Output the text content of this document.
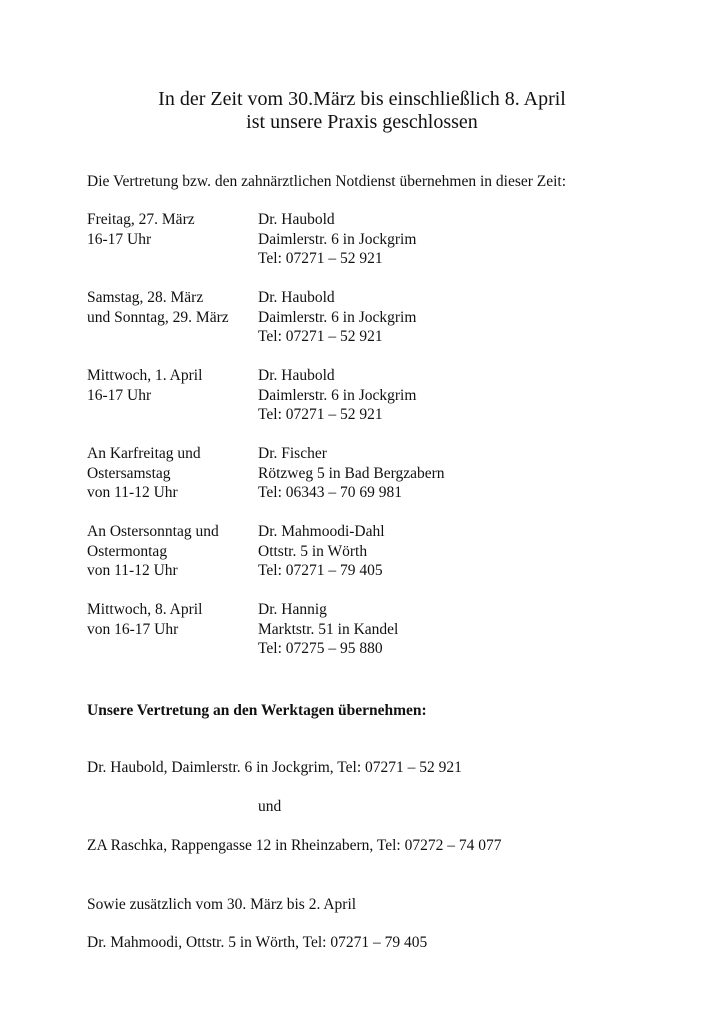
In der Zeit vom 30.März bis einschließlich 8. April
ist unsere Praxis geschlossen
Die Vertretung bzw. den zahnärztlichen Notdienst übernehmen in dieser Zeit:
Freitag, 27. März
16-17 Uhr
Dr. Haubold
Daimlerstr. 6 in Jockgrim
Tel: 07271 – 52 921
Samstag, 28. März
und Sonntag, 29. März
Dr. Haubold
Daimlerstr. 6 in Jockgrim
Tel: 07271 – 52 921
Mittwoch, 1. April
16-17 Uhr
Dr. Haubold
Daimlerstr. 6 in Jockgrim
Tel: 07271 – 52 921
An Karfreitag und
Ostersamstag
von 11-12 Uhr
Dr. Fischer
Rötzweg 5 in Bad Bergzabern
Tel: 06343 – 70 69 981
An Ostersonntag und
Ostermontag
von 11-12 Uhr
Dr. Mahmoodi-Dahl
Ottstr. 5 in Wörth
Tel: 07271 – 79 405
Mittwoch, 8. April
von 16-17 Uhr
Dr. Hannig
Marktstr. 51 in Kandel
Tel: 07275 – 95 880
Unsere Vertretung an den Werktagen übernehmen:
Dr. Haubold, Daimlerstr. 6 in Jockgrim, Tel: 07271 – 52 921
und
ZA Raschka, Rappengasse 12 in Rheinzabern, Tel: 07272 – 74 077
Sowie zusätzlich vom 30. März bis 2. April
Dr. Mahmoodi, Ottstr. 5 in Wörth, Tel: 07271 – 79 405
